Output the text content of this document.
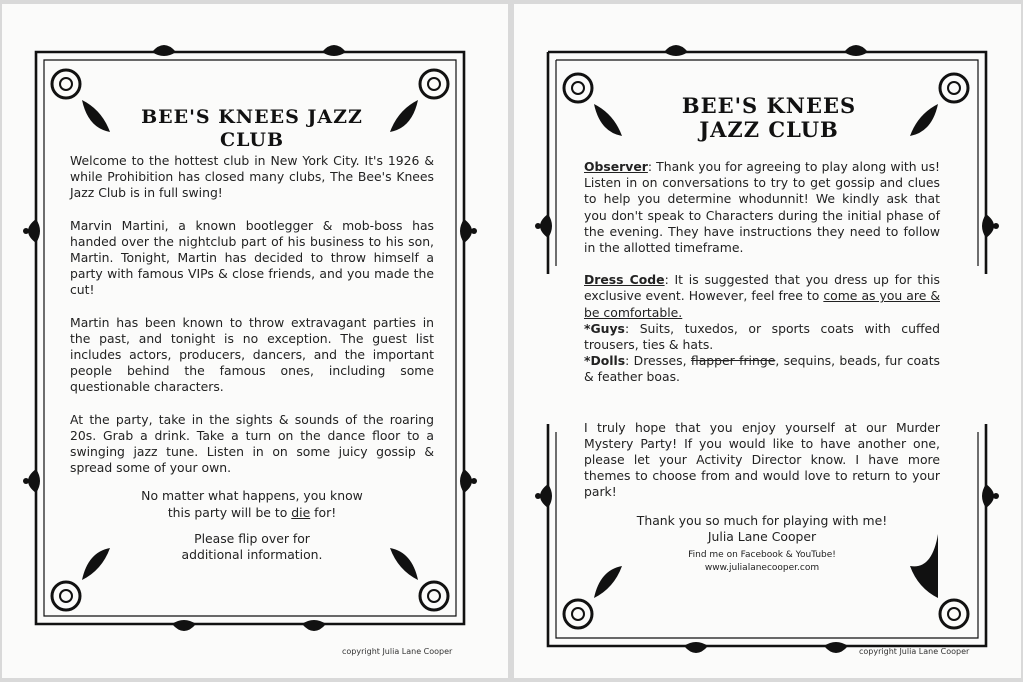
BEE'S KNEES JAZZ CLUB

Welcome to the hottest club in New York City. It's 1926 & while Prohibition has closed many clubs, The Bee's Knees Jazz Club is in full swing!

Marvin Martini, a known bootlegger & mob-boss has handed over the nightclub part of his business to his son, Martin. Tonight, Martin has decided to throw himself a party with famous VIPs & close friends, and you made the cut!

Martin has been known to throw extravagant parties in the past, and tonight is no exception. The guest list includes actors, producers, dancers, and the important people behind the famous ones, including some questionable characters.

At the party, take in the sights & sounds of the roaring 20s. Grab a drink. Take a turn on the dance floor to a swinging jazz tune. Listen in on some juicy gossip & spread some of your own.

No matter what happens, you know
this party will be to die for!

Please flip over for
additional information.

copyright Julia Lane Cooper
BEE'S KNEES
JAZZ CLUB

Observer: Thank you for agreeing to play along with us! Listen in on conversations to try to get gossip and clues to help you determine whodunnit! We kindly ask that you don't speak to Characters during the initial phase of the evening. They have instructions they need to follow in the allotted timeframe.

Dress Code: It is suggested that you dress up for this exclusive event. However, feel free to come as you are & be comfortable.

*Guys: Suits, tuxedos, or sports coats with cuffed trousers, ties & hats.

*Dolls: Dresses, flapper fringe, sequins, beads, fur coats & feather boas.

I truly hope that you enjoy yourself at our Murder Mystery Party! If you would like to have another one, please let your Activity Director know. I have more themes to choose from and would love to return to your park!

Thank you so much for playing with me!
Julia Lane Cooper

Find me on Facebook & YouTube!
www.julialanecooper.com
copyright Julia Lane Cooper
